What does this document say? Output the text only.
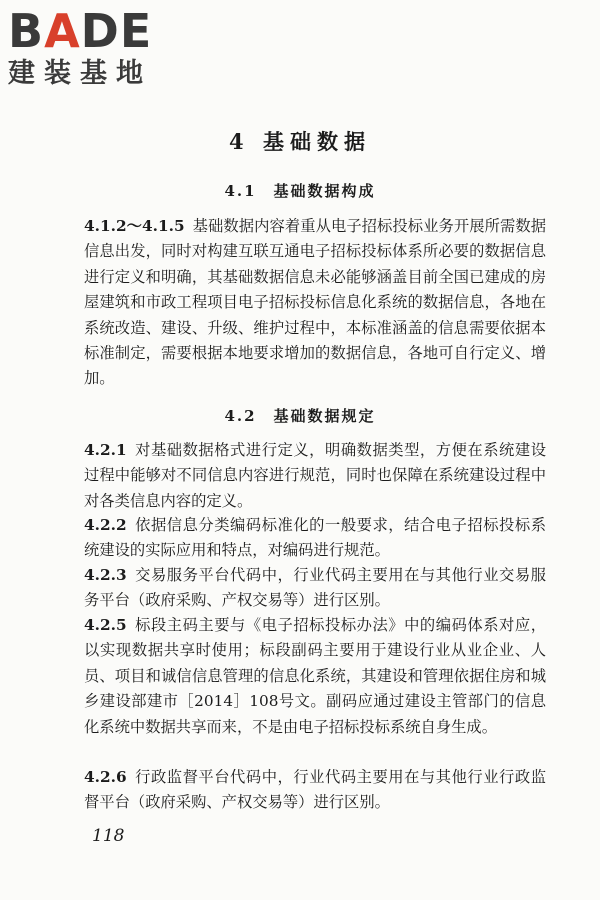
BADE
建装基地
4 基础数据
4.1　基础数据构成
4.1.2～4.1.5 基础数据内容着重从电子招标投标业务开展所需数据信息出发，同时对构建互联互通电子招标投标体系所必要的数据信息进行定义和明确，其基础数据信息未必能够涵盖目前全国已建成的房屋建筑和市政工程项目电子招标投标信息化系统的数据信息，各地在系统改造、建设、升级、维护过程中，本标准涵盖的信息需要依据本标准制定，需要根据本地要求增加的数据信息，各地可自行定义、增加。
4.2　基础数据规定
4.2.1 对基础数据格式进行定义，明确数据类型，方便在系统建设过程中能够对不同信息内容进行规范，同时也保障在系统建设过程中对各类信息内容的定义。
4.2.2 依据信息分类编码标准化的一般要求，结合电子招标投标系统建设的实际应用和特点，对编码进行规范。
4.2.3 交易服务平台代码中，行业代码主要用在与其他行业交易服务平台（政府采购、产权交易等）进行区别。
4.2.5 标段主码主要与《电子招标投标办法》中的编码体系对应，以实现数据共享时使用；标段副码主要用于建设行业从业企业、人员、项目和诚信信息管理的信息化系统，其建设和管理依据住房和城乡建设部建市［2014］108号文。副码应通过建设主管部门的信息化系统中数据共享而来，不是由电子招标投标系统自身生成。
4.2.6 行政监督平台代码中，行业代码主要用在与其他行业行政监督平台（政府采购、产权交易等）进行区别。
118
